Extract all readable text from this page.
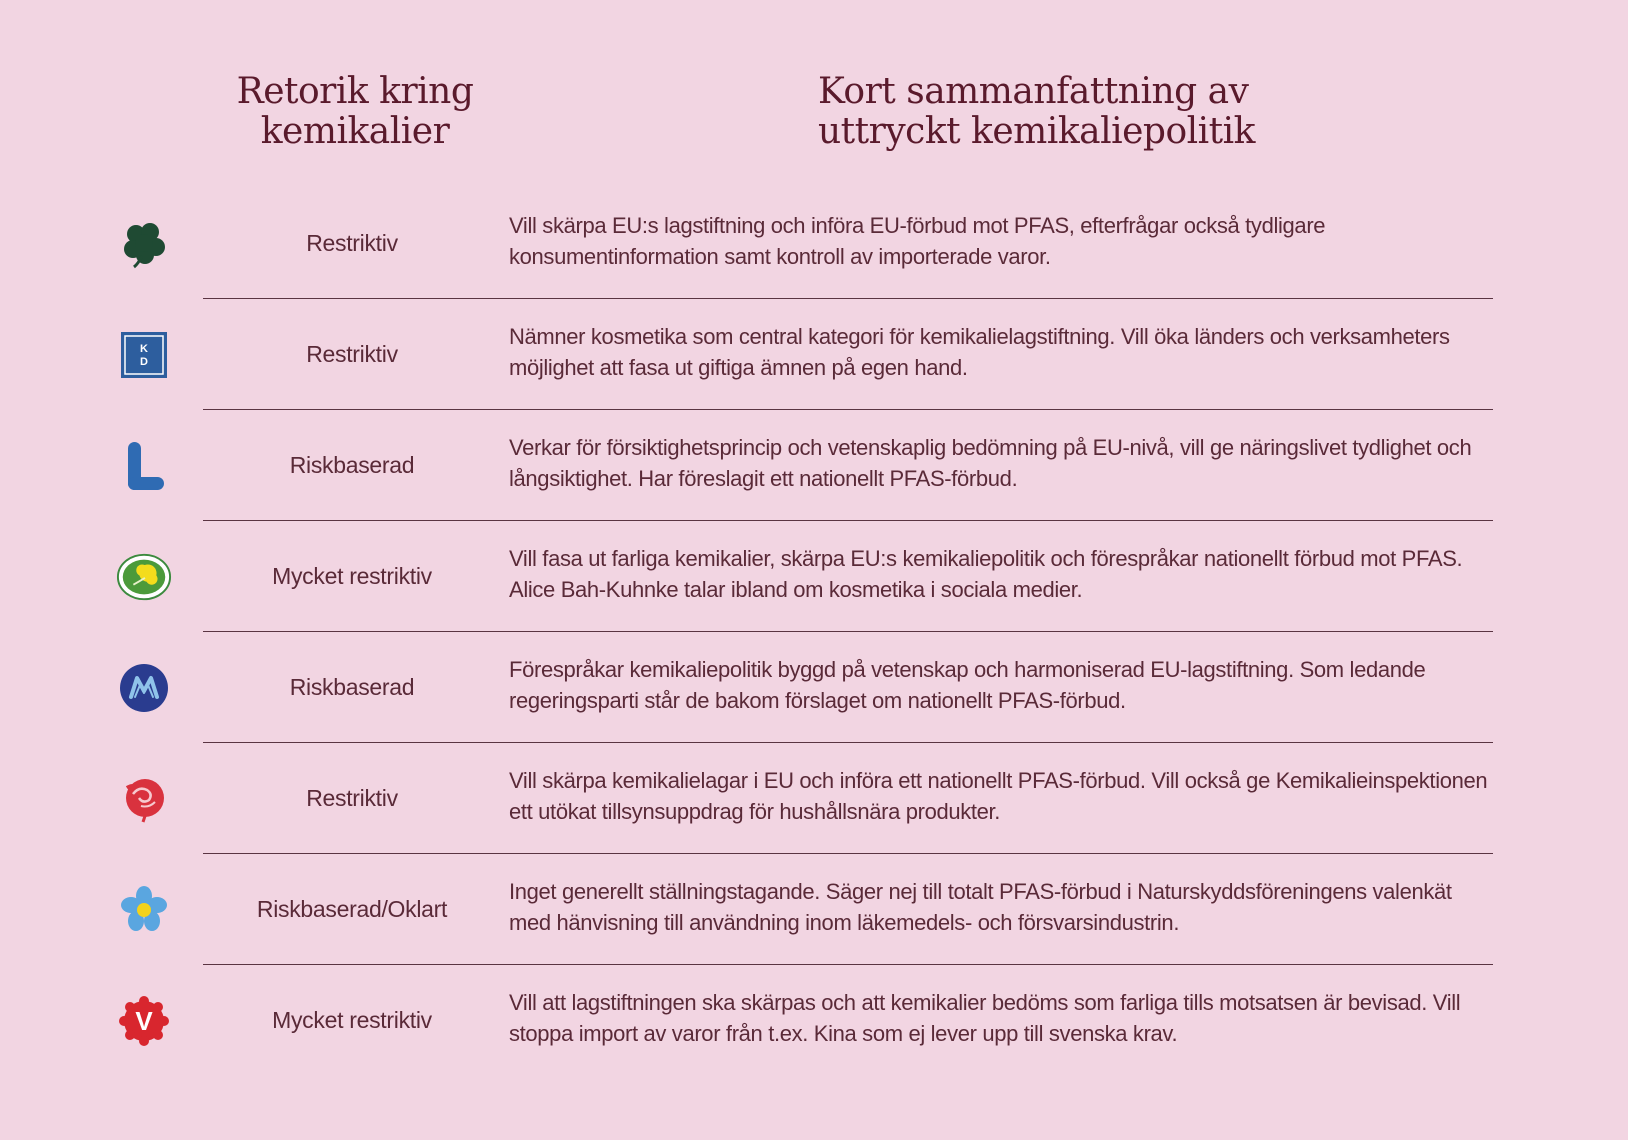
Retorik kring
kemikalier
Kort sammanfattning av
uttryckt kemikaliepolitik
Restriktiv
Vill skärpa EU:s lagstiftning och införa EU-förbud mot PFAS, efterfrågar också tydligare konsumentinformation samt kontroll av importerade varor.
K
D	Restriktiv
Nämner kosmetika som central kategori för kemikalielagstiftning. Vill öka länders och verksamheters möjlighet att fasa ut giftiga ämnen på egen hand.
Riskbaserad
Verkar för försiktighetsprincip och vetenskaplig bedömning på EU-nivå, vill ge näringslivet tydlighet och långsiktighet. Har föreslagit ett nationellt PFAS-förbud.
Mycket restriktiv
Vill fasa ut farliga kemikalier, skärpa EU:s kemikaliepolitik och förespråkar nationellt förbud mot PFAS. Alice Bah-Kuhnke talar ibland om kosmetika i sociala medier.
Riskbaserad
Förespråkar kemikaliepolitik byggd på vetenskap och harmoniserad EU-lagstiftning. Som ledande regeringsparti står de bakom förslaget om nationellt PFAS-förbud.
Restriktiv
Vill skärpa kemikalielagar i EU och införa ett nationellt PFAS-förbud. Vill också ge Kemikalieinspektionen ett utökat tillsynsuppdrag för hushållsnära produkter.
Riskbaserad/Oklart
Inget generellt ställningstagande. Säger nej till totalt PFAS-förbud i Naturskyddsföreningens valenkät med hänvisning till användning inom läkemedels- och försvarsindustrin.
V	Mycket restriktiv
Vill att lagstiftningen ska skärpas och att kemikalier bedöms som farliga tills motsatsen är bevisad. Vill stoppa import av varor från t.ex. Kina som ej lever upp till svenska krav.
